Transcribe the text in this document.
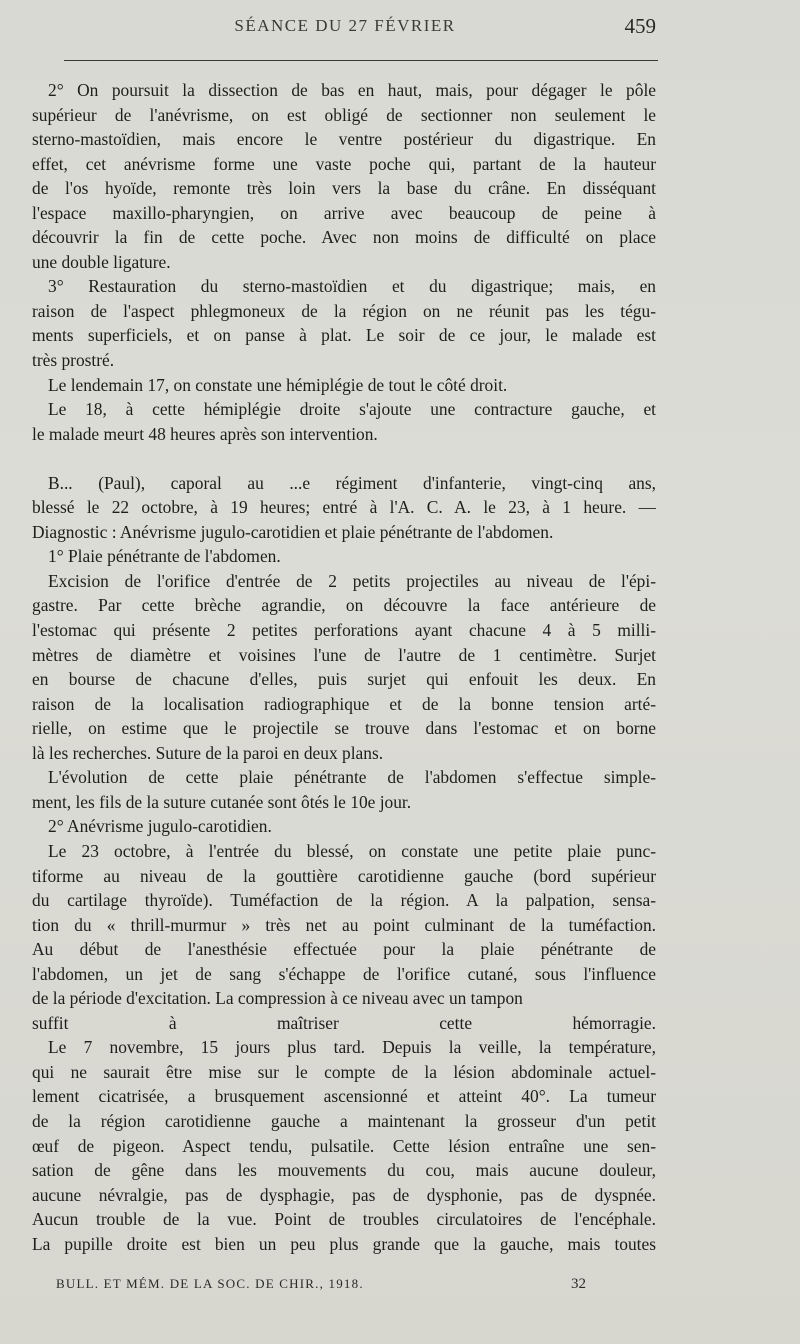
SÉANCE DU 27 FÉVRIER	459
2° On poursuit la dissection de bas en haut, mais, pour dégager le pôle
supérieur de l'anévrisme, on est obligé de sectionner non seulement le
sterno-mastoïdien, mais encore le ventre postérieur du digastrique. En
effet, cet anévrisme forme une vaste poche qui, partant de la hauteur
de l'os hyoïde, remonte très loin vers la base du crâne. En disséquant
l'espace maxillo-pharyngien, on arrive avec beaucoup de peine à
découvrir la fin de cette poche. Avec non moins de difficulté on place
une double ligature.
3° Restauration du sterno-mastoïdien et du digastrique; mais, en
raison de l'aspect phlegmoneux de la région on ne réunit pas les tégu-
ments superficiels, et on panse à plat. Le soir de ce jour, le malade est
très prostré.
Le lendemain 17, on constate une hémiplégie de tout le côté droit.
Le 18, à cette hémiplégie droite s'ajoute une contracture gauche, et
le malade meurt 48 heures après son intervention.
B... (Paul), caporal au ...e régiment d'infanterie, vingt-cinq ans,
blessé le 22 octobre, à 19 heures; entré à l'A. C. A. le 23, à 1 heure. —
Diagnostic : Anévrisme jugulo-carotidien et plaie pénétrante de l'abdomen.
1° Plaie pénétrante de l'abdomen.
Excision de l'orifice d'entrée de 2 petits projectiles au niveau de l'épi-
gastre. Par cette brèche agrandie, on découvre la face antérieure de
l'estomac qui présente 2 petites perforations ayant chacune 4 à 5 milli-
mètres de diamètre et voisines l'une de l'autre de 1 centimètre. Surjet
en bourse de chacune d'elles, puis surjet qui enfouit les deux. En
raison de la localisation radiographique et de la bonne tension arté-
rielle, on estime que le projectile se trouve dans l'estomac et on borne
là les recherches. Suture de la paroi en deux plans.
L'évolution de cette plaie pénétrante de l'abdomen s'effectue simple-
ment, les fils de la suture cutanée sont ôtés le 10e jour.
2° Anévrisme jugulo-carotidien.
Le 23 octobre, à l'entrée du blessé, on constate une petite plaie punc-
tiforme au niveau de la gouttière carotidienne gauche (bord supérieur
du cartilage thyroïde). Tuméfaction de la région. A la palpation, sensa-
tion du « thrill-murmur » très net au point culminant de la tuméfaction.
Au début de l'anesthésie effectuée pour la plaie pénétrante de
l'abdomen, un jet de sang s'échappe de l'orifice cutané, sous l'influence
de la période d'excitation. La compression à ce niveau avec un tampon
suffit à maîtriser cette hémorragie.
Le 7 novembre, 15 jours plus tard. Depuis la veille, la température,
qui ne saurait être mise sur le compte de la lésion abdominale actuel-
lement cicatrisée, a brusquement ascensionné et atteint 40°. La tumeur
de la région carotidienne gauche a maintenant la grosseur d'un petit
œuf de pigeon. Aspect tendu, pulsatile. Cette lésion entraîne une sen-
sation de gêne dans les mouvements du cou, mais aucune douleur,
aucune névralgie, pas de dysphagie, pas de dysphonie, pas de dyspnée.
Aucun trouble de la vue. Point de troubles circulatoires de l'encéphale.
La pupille droite est bien un peu plus grande que la gauche, mais toutes
BULL. ET MÉM. DE LA SOC. DE CHIR., 1918.	32
